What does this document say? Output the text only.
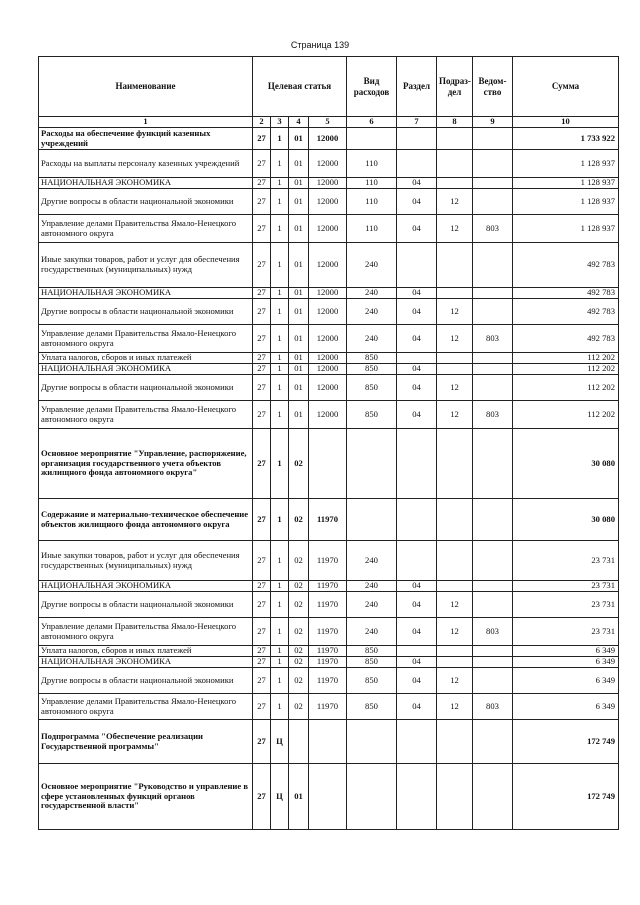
Страница 139
Наименование	Целевая статья				Вид расходов	Раздел	Подраз-дел	Ведом-ство	Сумма
1	2	3	4	5	6	7	8	9	10
Расходы на обеспечение функций казенных учреждений	27	1	01	12000					1 733 922
Расходы на выплаты персоналу казенных учреждений	27	1	01	12000	110				1 128 937
НАЦИОНАЛЬНАЯ ЭКОНОМИКА	27	1	01	12000	110	04			1 128 937
Другие вопросы в области национальной экономики	27	1	01	12000	110	04	12		1 128 937
Управление делами Правительства Ямало-Ненецкого автономного округа	27	1	01	12000	110	04	12	803	1 128 937
Иные закупки товаров, работ и услуг для обеспечения государственных (муниципальных) нужд	27	1	01	12000	240				492 783
НАЦИОНАЛЬНАЯ ЭКОНОМИКА	27	1	01	12000	240	04			492 783
Другие вопросы в области национальной экономики	27	1	01	12000	240	04	12		492 783
Управление делами Правительства Ямало-Ненецкого автономного округа	27	1	01	12000	240	04	12	803	492 783
Уплата налогов, сборов и иных платежей	27	1	01	12000	850				112 202
НАЦИОНАЛЬНАЯ ЭКОНОМИКА	27	1	01	12000	850	04			112 202
Другие вопросы в области национальной экономики	27	1	01	12000	850	04	12		112 202
Управление делами Правительства Ямало-Ненецкого автономного округа	27	1	01	12000	850	04	12	803	112 202
Основное мероприятие "Управление, распоряжение, организация государственного учета объектов жилищного фонда автономного округа"	27	1	02						30 080
Содержание и материально-техническое обеспечение объектов жилищного фонда автономного округа	27	1	02	11970					30 080
Иные закупки товаров, работ и услуг для обеспечения государственных (муниципальных) нужд	27	1	02	11970	240				23 731
НАЦИОНАЛЬНАЯ ЭКОНОМИКА	27	1	02	11970	240	04			23 731
Другие вопросы в области национальной экономики	27	1	02	11970	240	04	12		23 731
Управление делами Правительства Ямало-Ненецкого автономного округа	27	1	02	11970	240	04	12	803	23 731
Уплата налогов, сборов и иных платежей	27	1	02	11970	850				6 349
НАЦИОНАЛЬНАЯ ЭКОНОМИКА	27	1	02	11970	850	04			6 349
Другие вопросы в области национальной экономики	27	1	02	11970	850	04	12		6 349
Управление делами Правительства Ямало-Ненецкого автономного округа	27	1	02	11970	850	04	12	803	6 349
Подпрограмма "Обеспечение реализации Государственной программы"	27	Ц							172 749
Основное мероприятие "Руководство и управление в сфере установленных функций органов государственной власти"	27	Ц	01						172 749
